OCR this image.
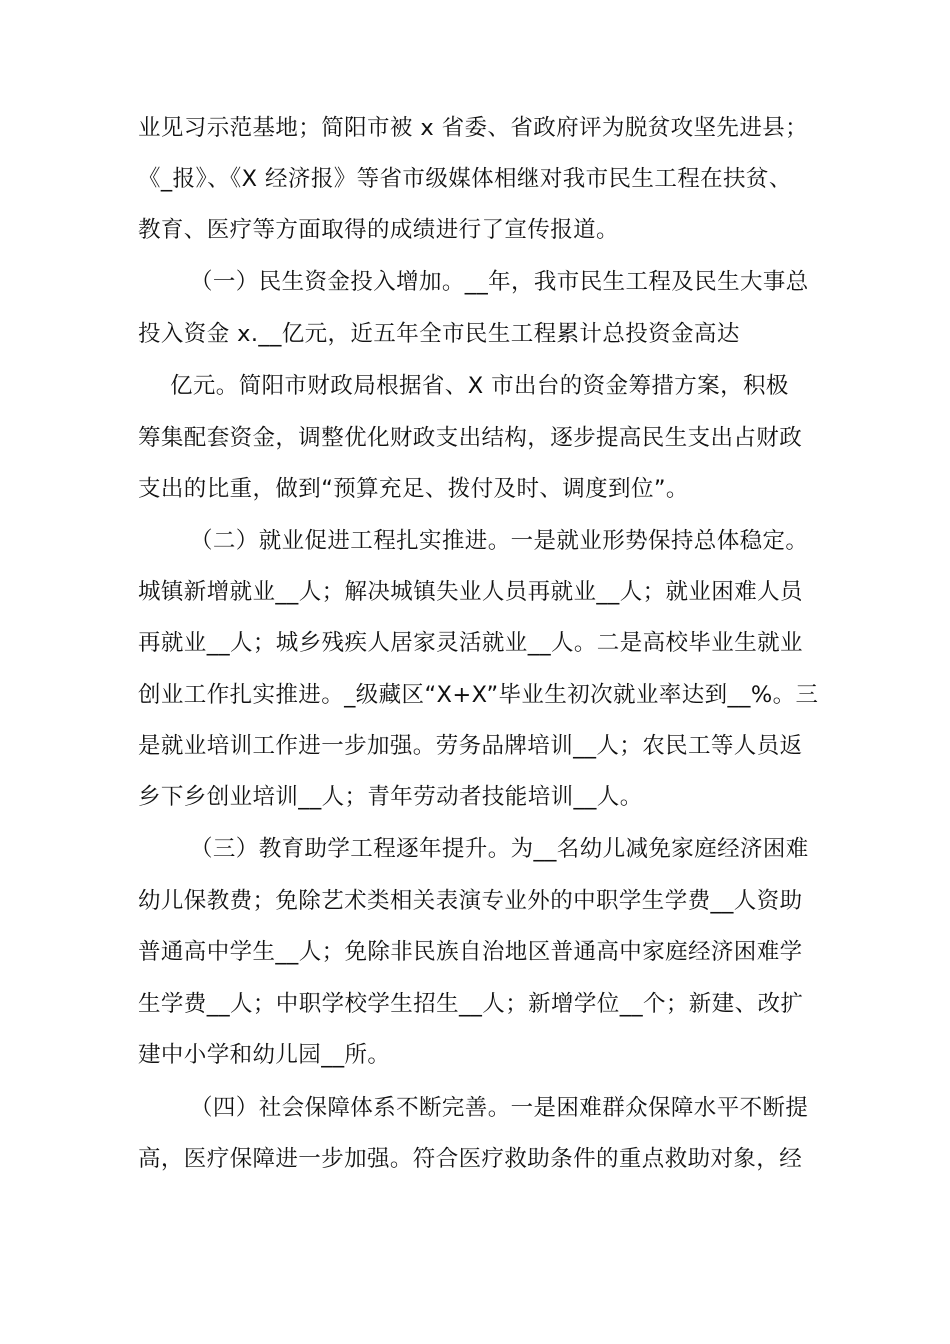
业见习示范基地；简阳市被 x 省委、省政府评为脱贫攻坚先进县；
《_报》、《X 经济报》等省市级媒体相继对我市民生工程在扶贫、
教育、医疗等方面取得的成绩进行了宣传报道。
（一）民生资金投入增加。__年，我市民生工程及民生大事总
投入资金 x.__亿元，近五年全市民生工程累计总投资金高达
亿元。简阳市财政局根据省、X 市出台的资金筹措方案，积极
筹集配套资金，调整优化财政支出结构，逐步提高民生支出占财政
支出的比重，做到“预算充足、拨付及时、调度到位”。
（二）就业促进工程扎实推进。一是就业形势保持总体稳定。
城镇新增就业__人；解决城镇失业人员再就业__人；就业困难人员
再就业__人；城乡残疾人居家灵活就业__人。二是高校毕业生就业
创业工作扎实推进。_级藏区“X+X”毕业生初次就业率达到__%。三
是就业培训工作进一步加强。劳务品牌培训__人；农民工等人员返
乡下乡创业培训__人；青年劳动者技能培训__人。
（三）教育助学工程逐年提升。为__名幼儿减免家庭经济困难
幼儿保教费；免除艺术类相关表演专业外的中职学生学费__人资助
普通高中学生__人；免除非民族自治地区普通高中家庭经济困难学
生学费__人；中职学校学生招生__人；新增学位__个；新建、改扩
建中小学和幼儿园__所。
（四）社会保障体系不断完善。一是困难群众保障水平不断提
高，医疗保障进一步加强。符合医疗救助条件的重点救助对象，经
